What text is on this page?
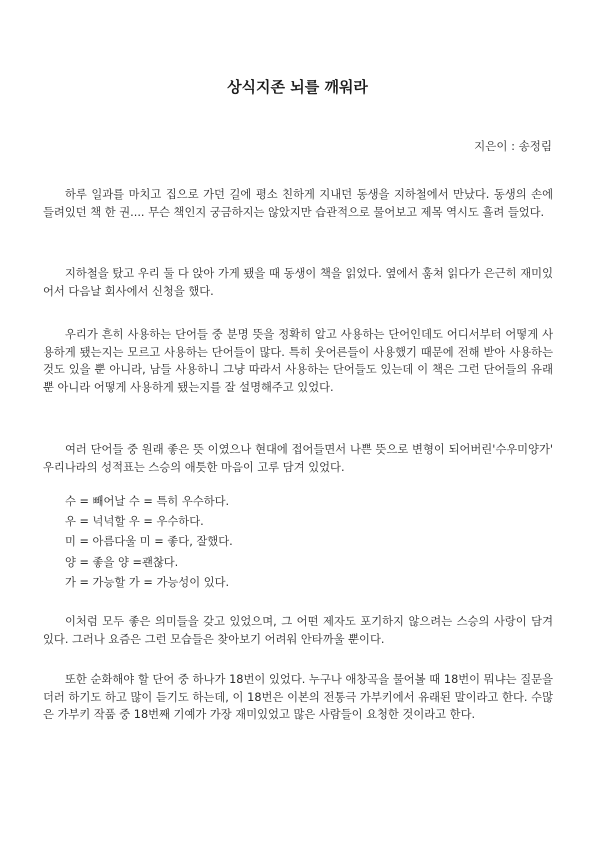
상식지존 뇌를 깨워라
지은이 : 송정림
하루 일과를 마치고 집으로 가던 길에 평소 친하게 지내던 동생을 지하철에서 만났다. 동생의 손에 들려있던 책 한 권.... 무슨 책인지 궁금하지는 않았지만 습관적으로 물어보고 제목 역시도 흘려 들었다.
지하철을 탔고 우리 둘 다 앉아 가게 됐을 때 동생이 책을 읽었다. 옆에서 훔쳐 읽다가 은근히 재미있어서 다음날 회사에서 신청을 했다.
우리가 흔히 사용하는 단어들 중 분명 뜻을 정확히 알고 사용하는 단어인데도 어디서부터 어떻게 사용하게 됐는지는 모르고 사용하는 단어들이 많다. 특히 웃어른들이 사용했기 때문에 전해 받아 사용하는 것도 있을 뿐 아니라, 남들 사용하니 그냥 따라서 사용하는 단어들도 있는데 이 책은 그런 단어들의 유래 뿐 아니라 어떻게 사용하게 됐는지를 잘 설명해주고 있었다.
여러 단어들 중 원래 좋은 뜻 이였으나 현대에 접어들면서 나쁜 뜻으로 변형이 되어버린'수우미양가' 우리나라의 성적표는 스승의 애틋한 마음이 고루 담겨 있었다.
수 = 빼어날 수 = 특히 우수하다.
우 = 넉넉할 우 = 우수하다.
미 = 아름다울 미 = 좋다, 잘했다.
양 = 좋을 양 =괜찮다.
가 = 가능할 가 = 가능성이 있다.
이처럼 모두 좋은 의미들을 갖고 있었으며, 그 어떤 제자도 포기하지 않으려는 스승의 사랑이 담겨 있다. 그러나 요즘은 그런 모습들은 찾아보기 어려워 안타까울 뿐이다.
또한 순화해야 할 단어 중 하나가 18번이 있었다. 누구나 애창곡을 물어볼 때 18번이 뭐냐는 질문을 더러 하기도 하고 많이 듣기도 하는데, 이 18번은 이본의 전통극 가부키에서 유래된 말이라고 한다. 수많은 가부키 작품 중 18번째 기예가 가장 재미있었고 많은 사람들이 요청한 것이라고 한다.
